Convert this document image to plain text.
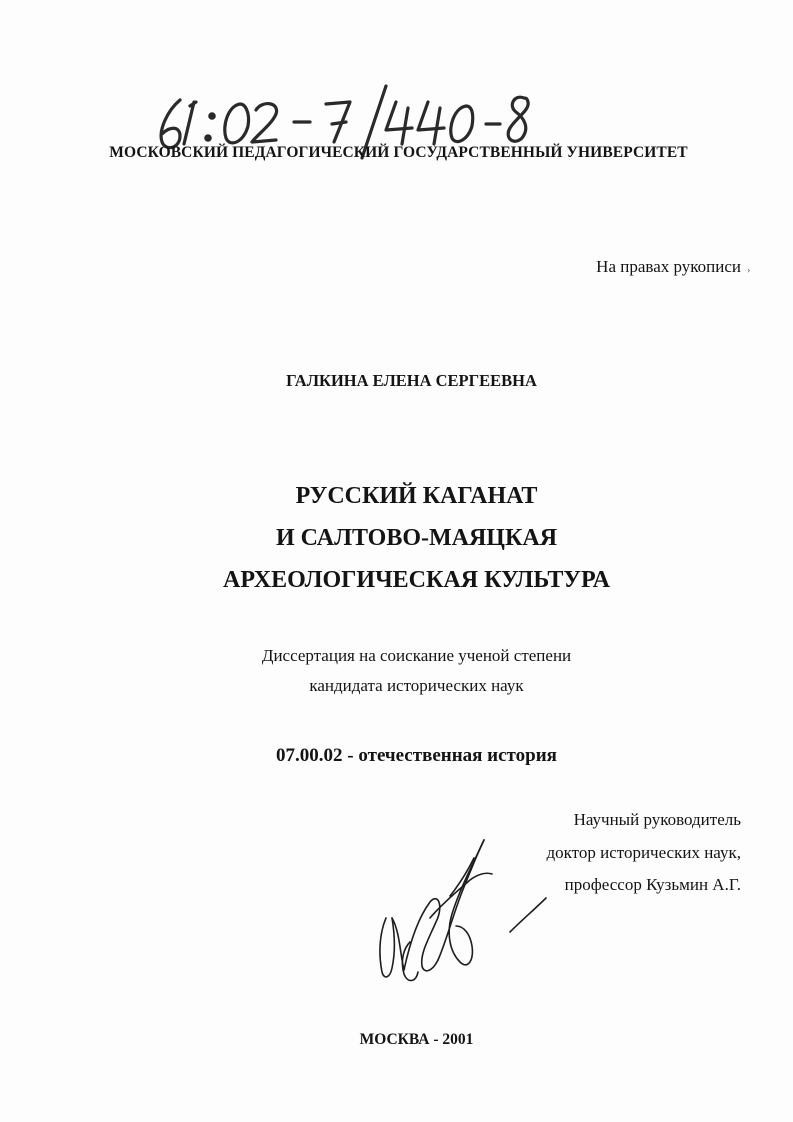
МОСКОВСКИЙ ПЕДАГОГИЧЕСКИЙ ГОСУДАРСТВЕННЫЙ УНИВЕРСИТЕТ
На правах рукописи ›
ГАЛКИНА ЕЛЕНА СЕРГЕЕВНА
РУССКИЙ КАГАНАТ
И САЛТОВО-МАЯЦКАЯ
АРХЕОЛОГИЧЕСКАЯ КУЛЬТУРА
Диссертация на соискание ученой степени
кандидата исторических наук
07.00.02 - отечественная история
Научный руководитель
доктор исторических наук,
профессор Кузьмин А.Г.
МОСКВА - 2001
